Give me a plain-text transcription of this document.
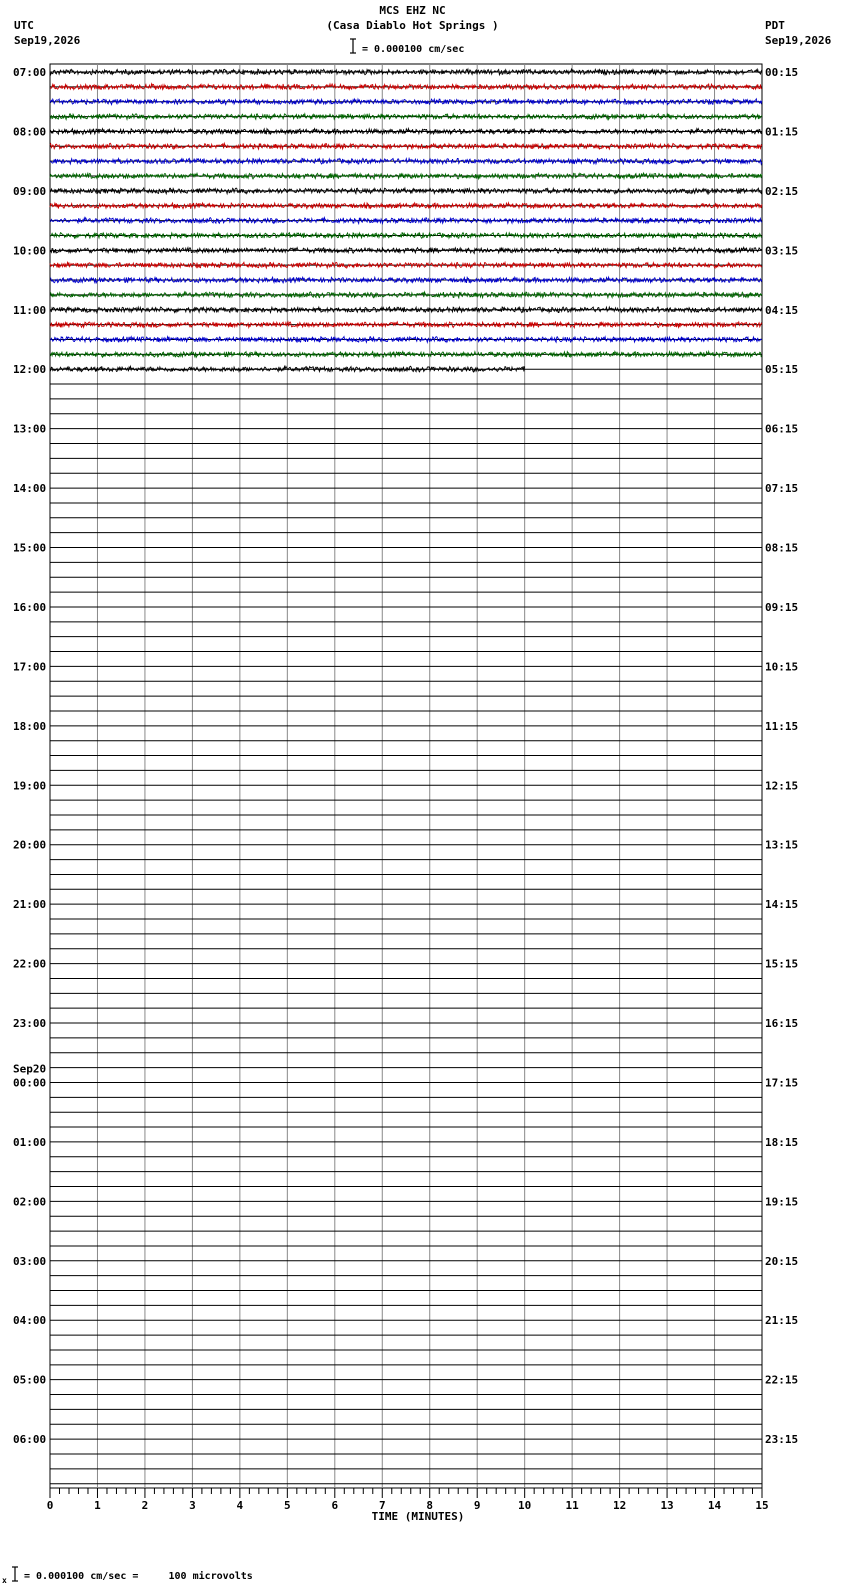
MCS EHZ NC
(Casa Diablo Hot Springs )
UTC
Sep19,2026
PDT
Sep19,2026
= 0.000100 cm/sec
07:00
08:00
09:00
10:00
11:00
12:00
13:00
14:00
15:00
16:00
17:00
18:00
19:00
20:00
21:00
22:00
23:00
Sep20
00:00
01:00
02:00
03:00
04:00
05:00
06:00
00:15
01:15
02:15
03:15
04:15
05:15
06:15
07:15
08:15
09:15
10:15
11:15
12:15
13:15
14:15
15:15
16:15
17:15
18:15
19:15
20:15
21:15
22:15
23:15
0	1	2	3	4	5	6	7	8	9	10	11	12	13	14	15
TIME (MINUTES)
x = 0.000100 cm/sec =     100 microvolts
